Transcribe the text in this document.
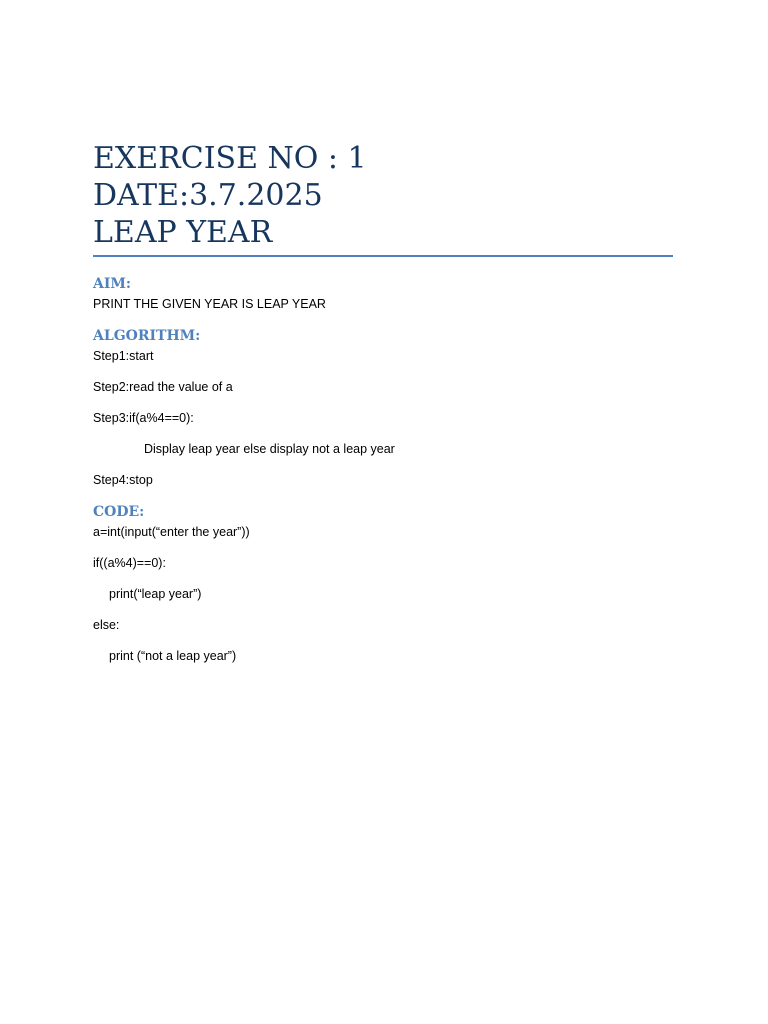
EXERCISE NO : 1
DATE:3.7.2025
LEAP YEAR
AIM:

PRINT THE GIVEN YEAR IS LEAP YEAR

ALGORITHM:

Step1:start

Step2:read the value of a

Step3:if(a%4==0):

Display leap year else display not a leap year

Step4:stop

CODE:

a=int(input(“enter the year”))

if((a%4)==0):

print(“leap year”)

else:

print (“not a leap year”)
